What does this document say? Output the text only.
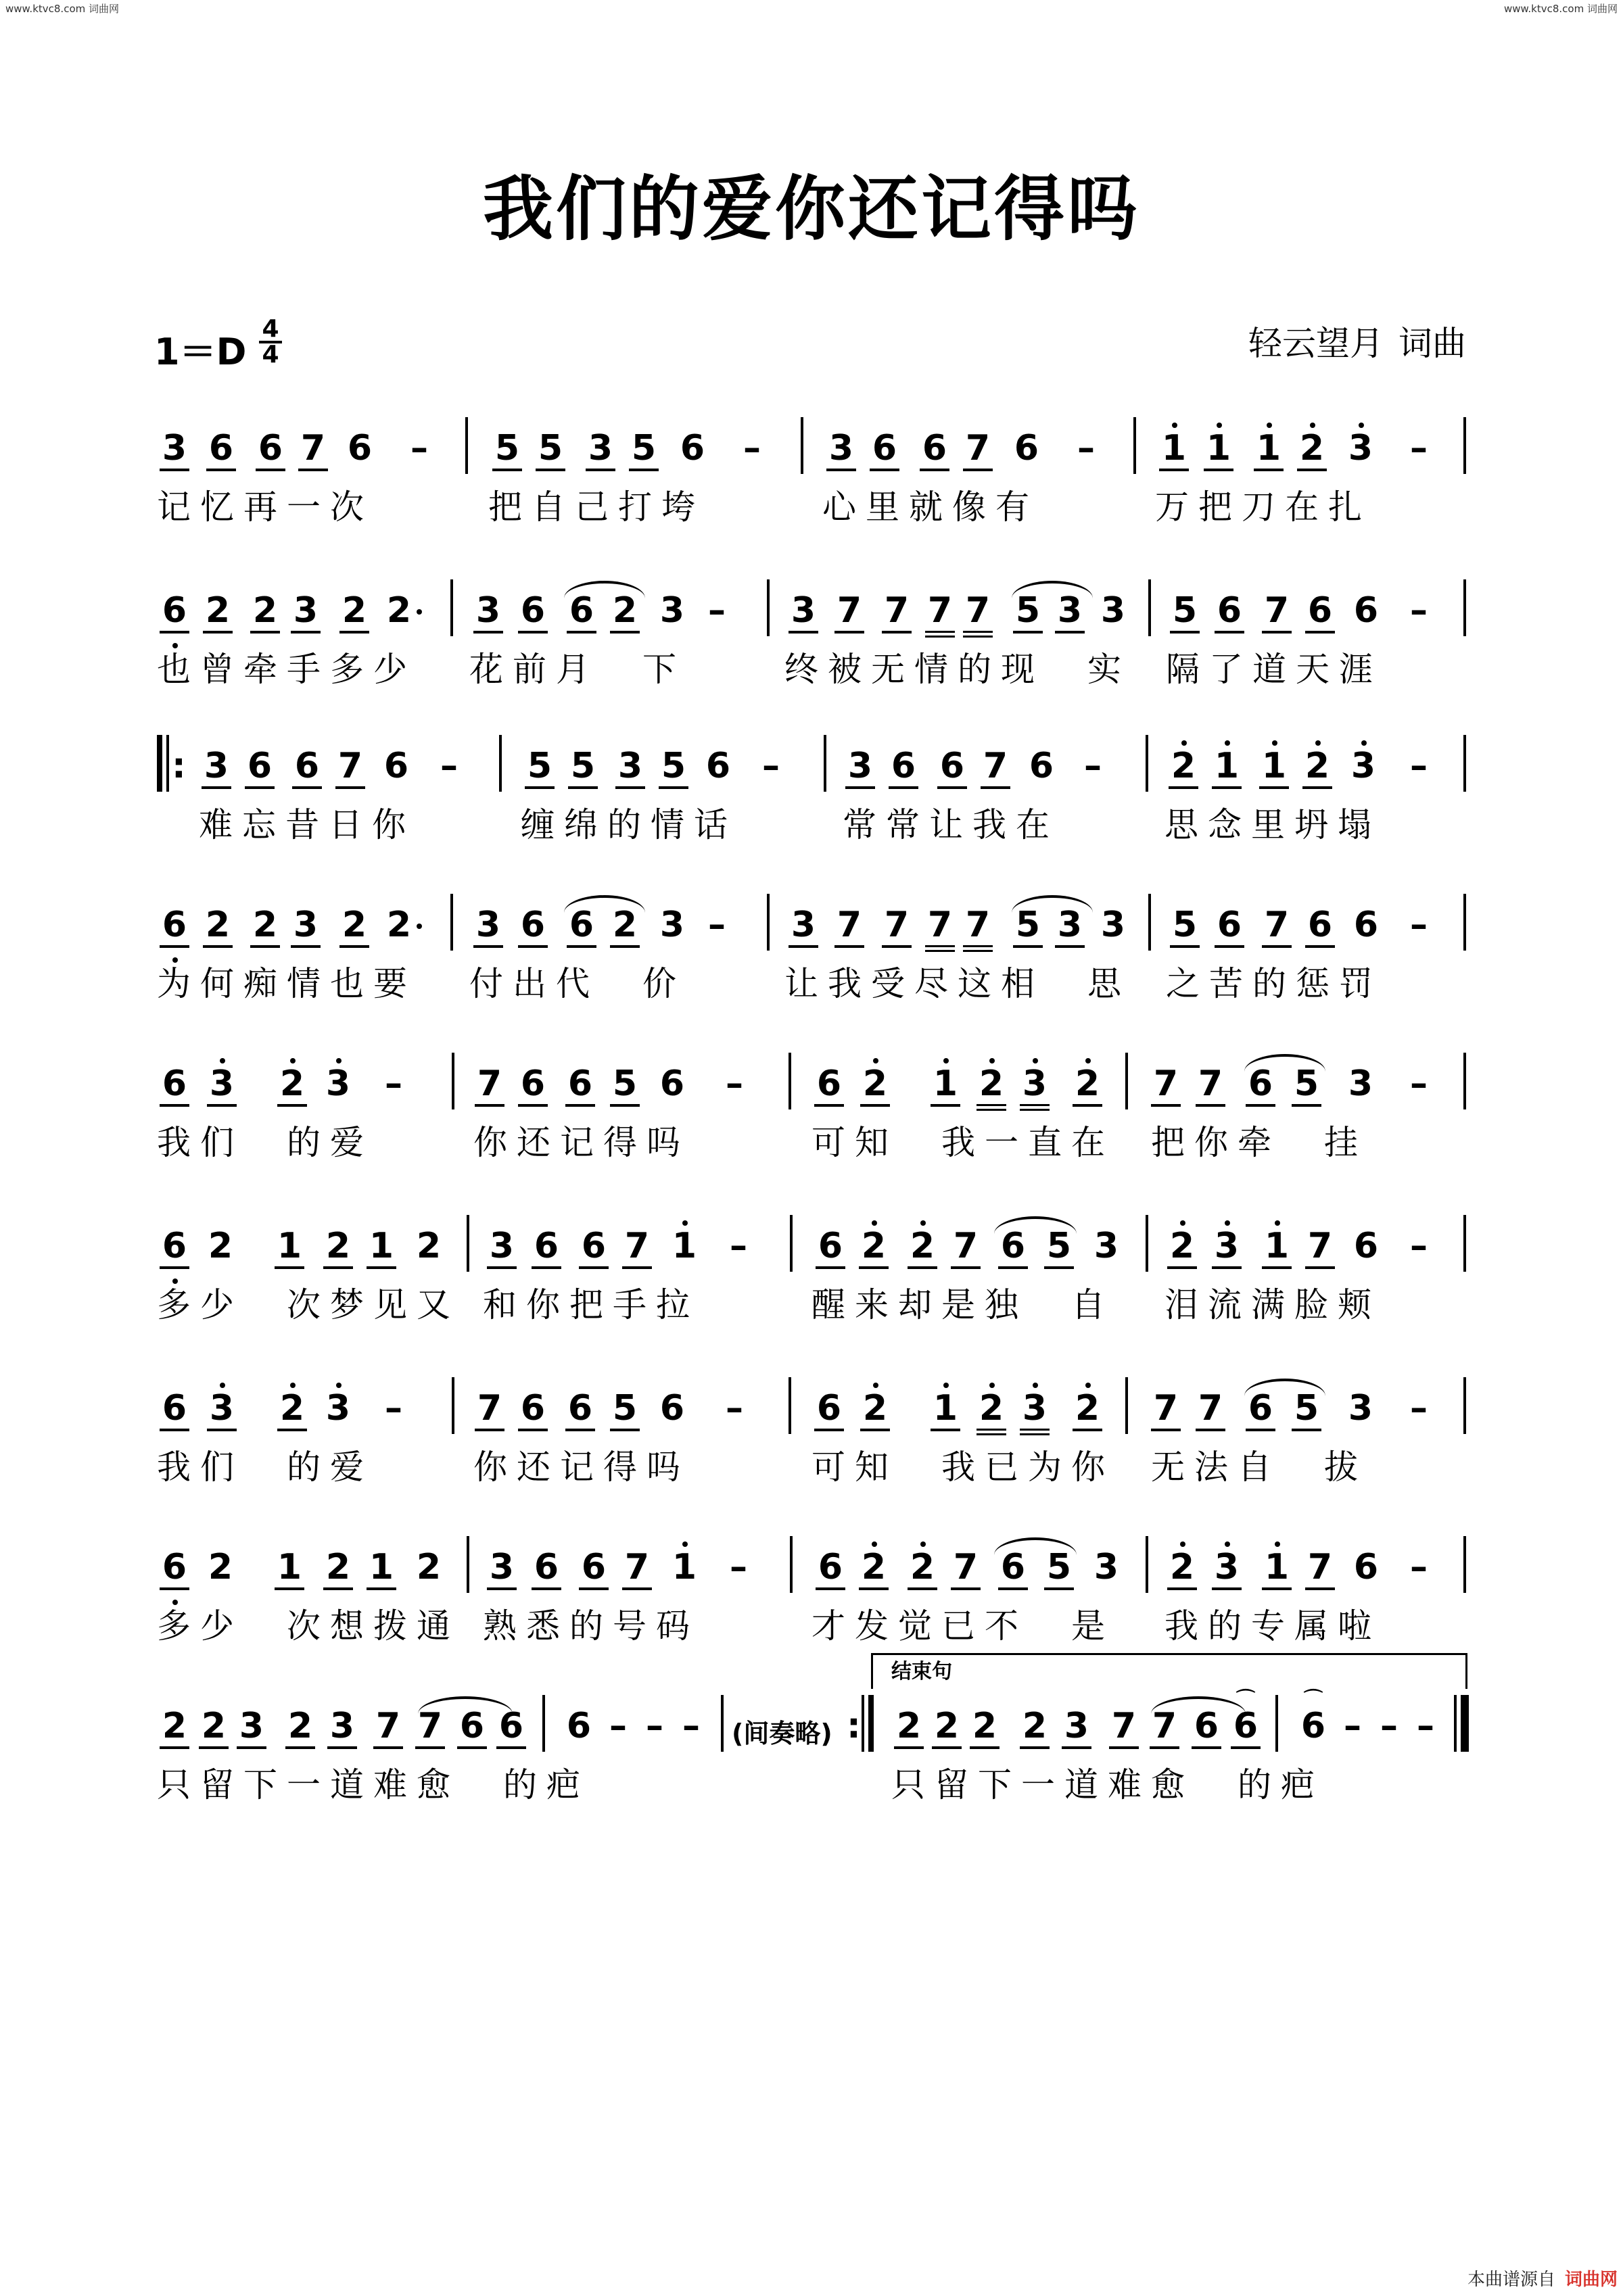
www.ktvc8.com 词曲网	www.ktvc8.com 词曲网
我们的爱你还记得吗
1＝D
4
4	轻云望月 词曲
3 6 6 7 6 – 5 5 3 5 6 – 3 6 6 7 6 – 1 1 1 2 3 –
记忆再一次	把自己打垮	心里就像有	万把刀在扎
6 2 2 3 2 2 3 6 6 2 3 – 3 7 7 7 7 5 3 3 5 6 7 6 6 –
也曾牵手多少 花前月　下	终被无情的现　实 隔了道天涯
: 3 6 6 7 6 – 5 5 3 5 6 – 3 6 6 7 6 – 2 1 1 2 3 –
难忘昔日你	缠绵的情话	常常让我在	思念里坍塌
6 2 2 3 2 2 3 6 6 2 3 – 3 7 7 7 7 5 3 3 5 6 7 6 6 –
为何痴情也要 付出代　价	让我受尽这相　思 之苦的惩罚
6 3 2 3 – 7 6 6 5 6 – 6 2 1 2 3 2 7 7 6 5 3 –
我们　的爱	你还记得吗	可知　我一直在 把你牵　挂
6 2 1 2 1 2 3 6 6 7 1 – 6 2 2 7 6 5 3 2 3 1 7 6 –
多少　次梦见又 和你把手拉	醒来却是独　自 泪流满脸颊
6 3 2 3 – 7 6 6 5 6 – 6 2 1 2 3 2 7 7 6 5 3 –
我们　的爱	你还记得吗	可知　我已为你 无法自　拔
6 2 1 2 1 2 3 6 6 7 1 – 6 2 2 7 6 5 3 2 3 1 7 6 –
多少　次想拨通 熟悉的号码	才发觉已不　是 我的专属啦
2 2 3 2 3 7 7 6 6 6 – – – (间奏略) :
结束句
2 2 2 2 3 7 7 6
⌒
6
⌒
6 – – –
只留下一道难愈　的疤	只留下一道难愈　的疤
本曲谱源自 词曲网
